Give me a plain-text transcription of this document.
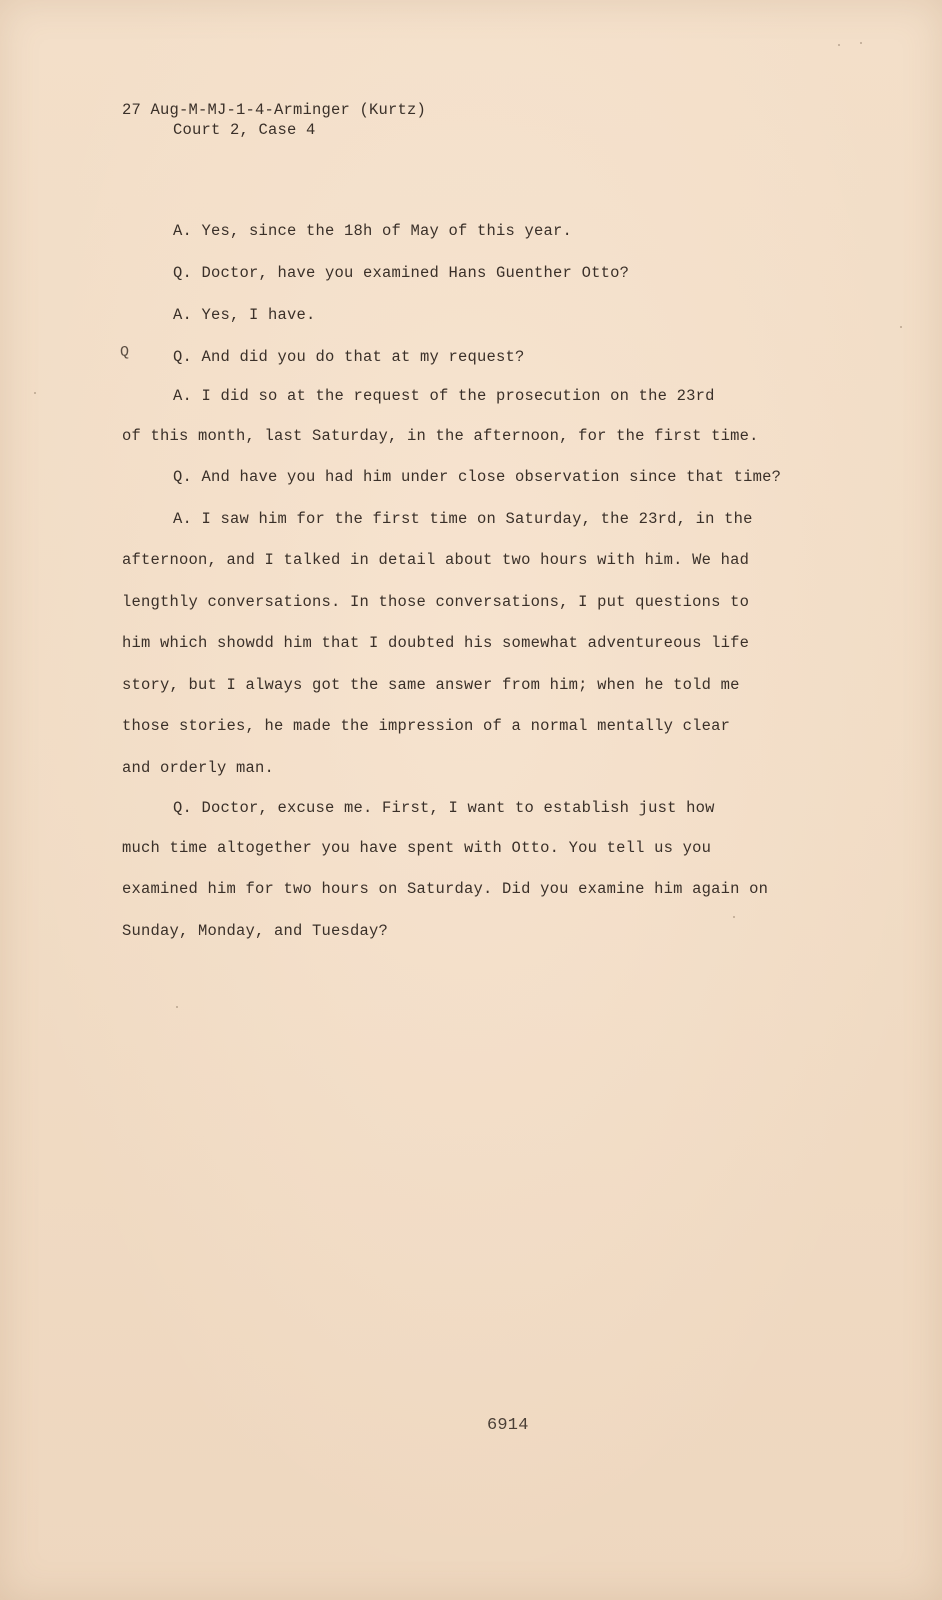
27 Aug-M-MJ-1-4-Arminger (Kurtz)
Court 2, Case 4
Q
A. Yes, since the 18h of May of this year.
Q. Doctor, have you examined Hans Guenther Otto?
A. Yes, I have.
Q. And did you do that at my request?
A. I did so at the request of the prosecution on the 23rd
of this month, last Saturday, in the afternoon, for the first time.
Q. And have you had him under close observation since that time?
A. I saw him for the first time on Saturday, the 23rd, in the
afternoon, and I talked in detail about two hours with him. We had
lengthly conversations. In those conversations, I put questions to
him which showdd him that I doubted his somewhat adventureous life
story, but I always got the same answer from him; when he told me
those stories, he made the impression of a normal mentally clear
and orderly man.
Q. Doctor, excuse me. First, I want to establish just how
much time altogether you have spent with Otto. You tell us you
examined him for two hours on Saturday. Did you examine him again on
Sunday, Monday, and Tuesday?
6914
